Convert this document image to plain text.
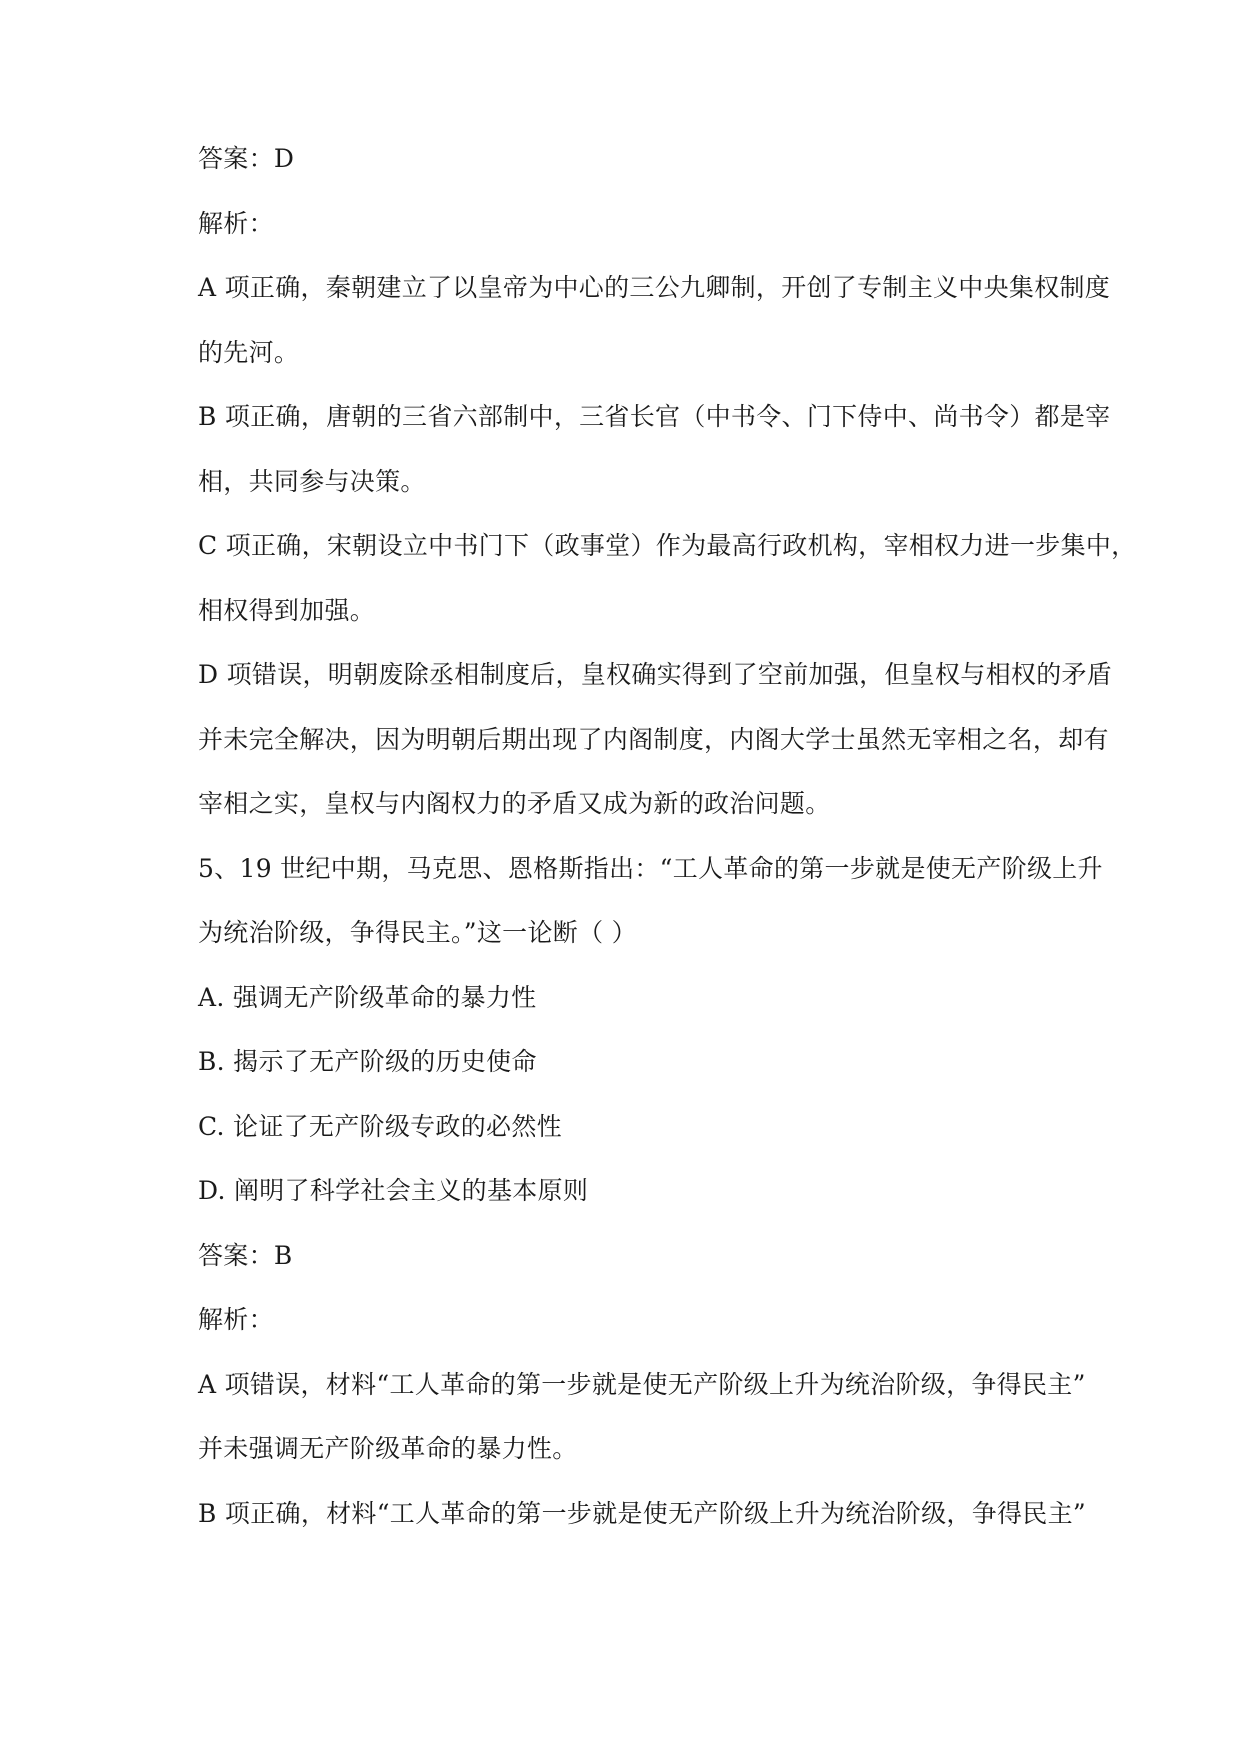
答案：D
解析：
A 项正确，秦朝建立了以皇帝为中心的三公九卿制，开创了专制主义中央集权制度
的先河。
B 项正确，唐朝的三省六部制中，三省长官（中书令、门下侍中、尚书令）都是宰
相，共同参与决策。
C 项正确，宋朝设立中书门下（政事堂）作为最高行政机构，宰相权力进一步集中，
相权得到加强。
D 项错误，明朝废除丞相制度后，皇权确实得到了空前加强，但皇权与相权的矛盾
并未完全解决，因为明朝后期出现了内阁制度，内阁大学士虽然无宰相之名，却有
宰相之实，皇权与内阁权力的矛盾又成为新的政治问题。
5、19 世纪中期，马克思、恩格斯指出：“工人革命的第一步就是使无产阶级上升
为统治阶级，争得民主。”这一论断（ ）
A. 强调无产阶级革命的暴力性
B. 揭示了无产阶级的历史使命
C. 论证了无产阶级专政的必然性
D. 阐明了科学社会主义的基本原则
答案：B
解析：
A 项错误，材料“工人革命的第一步就是使无产阶级上升为统治阶级，争得民主”
并未强调无产阶级革命的暴力性。
B 项正确，材料“工人革命的第一步就是使无产阶级上升为统治阶级，争得民主”
